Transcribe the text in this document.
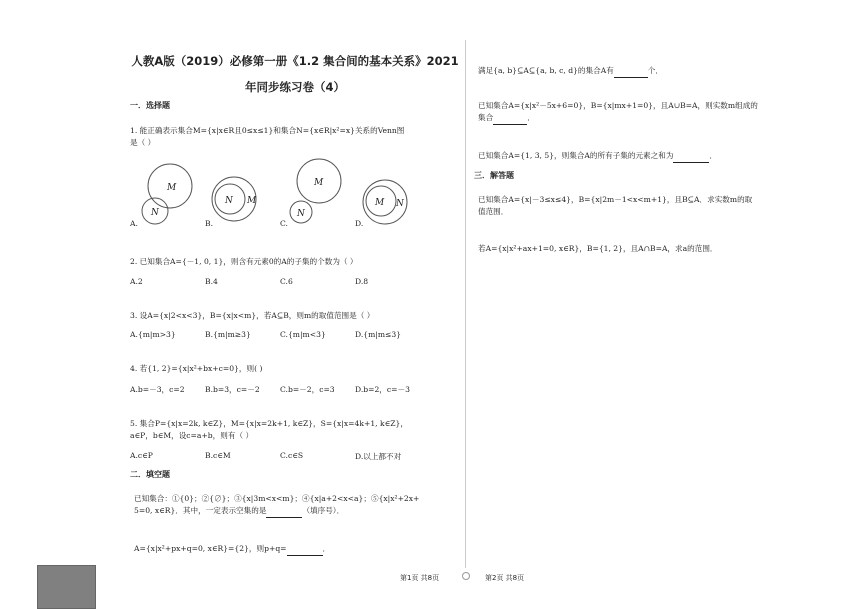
人教A版（2019）必修第一册《1.2 集合间的基本关系》2021
年同步练习卷（4）
一．选择题
1. 能正确表示集合M={x|x∈R且0≤x≤1}和集合N={x∈R|x²=x}关系的Venn图
是（ ）
M
N
N M
M
N
M N
A.	B.	C.	D.
2. 已知集合A={－1, 0, 1}，则含有元素0的A的子集的个数为（ ）
A.2	B.4	C.6	D.8
3. 设A={x|2<x<3}，B={x|x<m}，若A⊆B，则m的取值范围是（ ）
A.{m|m>3}	B.{m|m≥3}	C.{m|m<3}	D.{m|m≤3}
4. 若{1, 2}={x|x²+bx+c=0}，则( )
A.b=－3，c=2	B.b=3，c=－2	C.b=－2，c=3	D.b=2，c=－3
5. 集合P={x|x=2k, k∈Z}，M={x|x=2k+1, k∈Z}，S={x|x=4k+1, k∈Z}，
a∈P，b∈M，设c=a+b，则有（ ）
A.c∈P	B.c∈M	C.c∈S	D.以上都不对
二．填空题
已知集合：①{0}；②{∅}；③{x|3m<x<m}；④{x|a+2<x<a}；⑤{x|x²+2x+
5=0, x∈R}．其中，一定表示空集的是	（填序号）．
A={x|x²+px+q=0, x∈R}={2}，则p+q=	．
第1页 共8页
满足{a, b}⊆A⊆{a, b, c, d}的集合A有	个．
已知集合A={x|x²－5x+6=0}，B={x|mx+1=0}，且A∪B=A，则实数m组成的
集合	．
已知集合A={1, 3, 5}，则集合A的所有子集的元素之和为	．
三．解答题
已知集合A={x|－3≤x≤4}，B={x|2m－1<x<m+1}，且B⊆A．求实数m的取
值范围．
若A={x|x²+ax+1=0, x∈R}，B={1, 2}，且A∩B=A，求a的范围．
第2页 共8页
